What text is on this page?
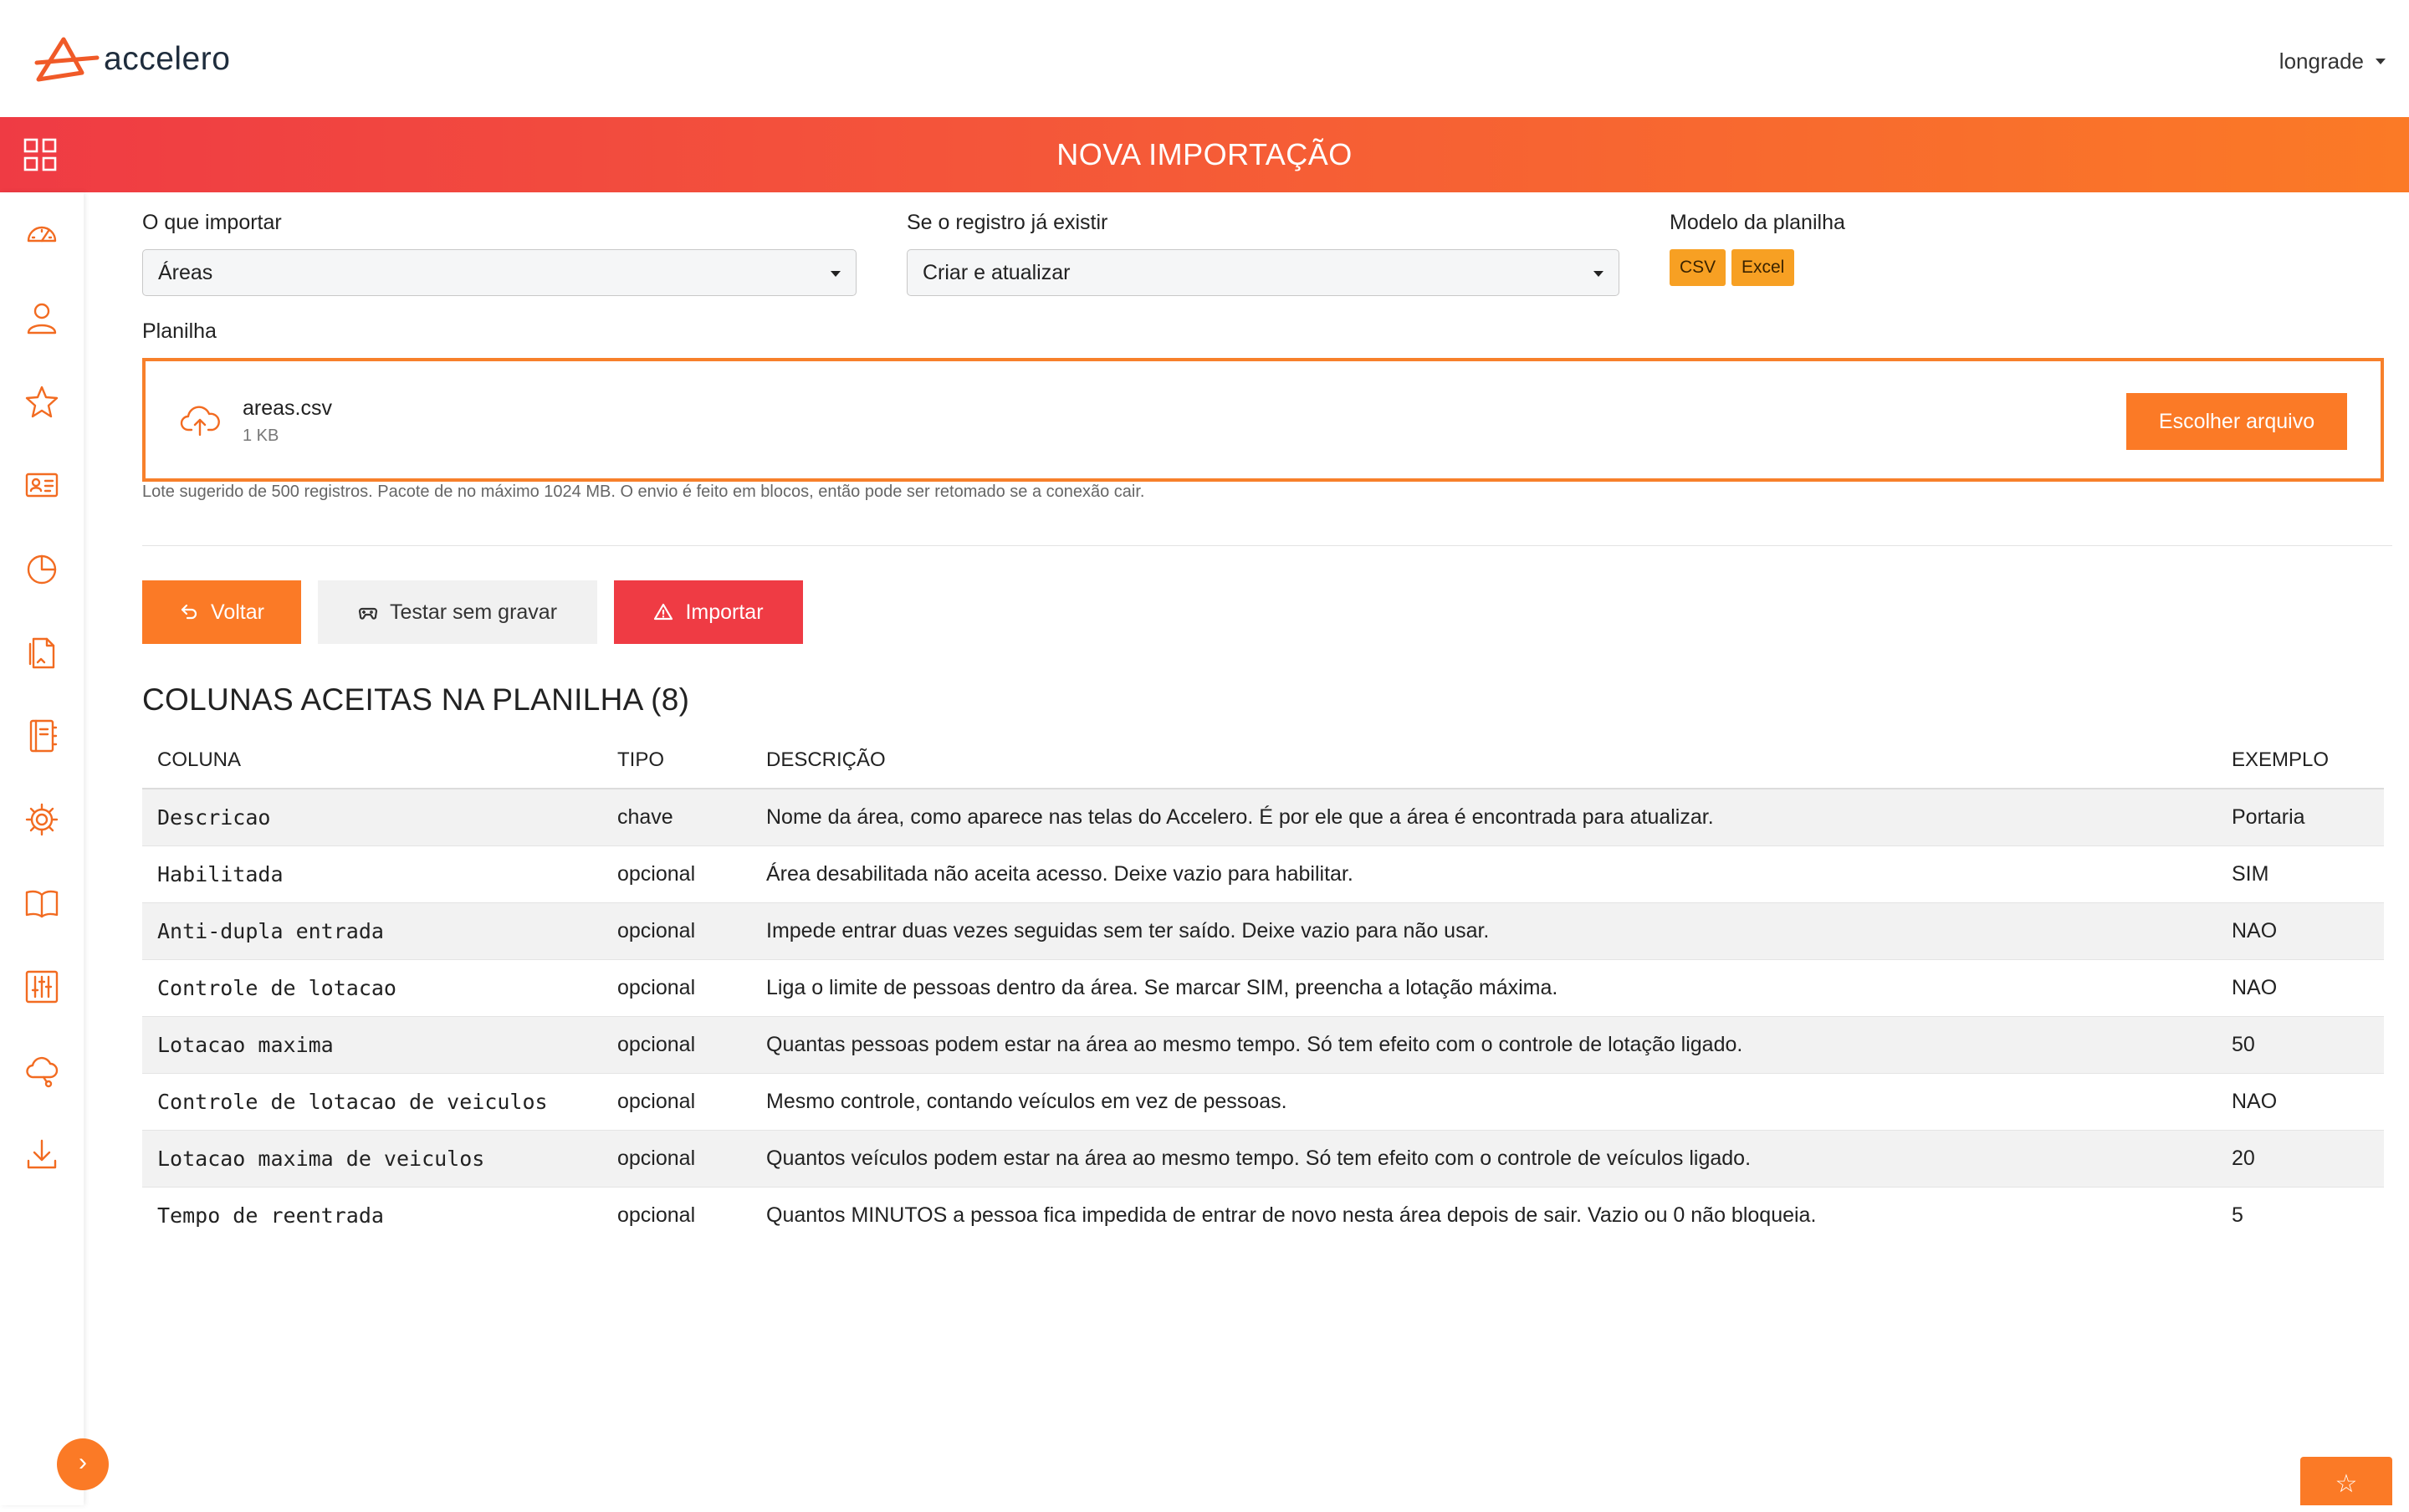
accelero	longrade
NOVA IMPORTAÇÃO
›
O que importar
Áreas
Se o registro já existir
Criar e atualizar
Modelo da planilha
CSV	Excel
Planilha
areas.csv
1 KB
Escolher arquivo
Lote sugerido de 500 registros. Pacote de no máximo 1024 MB. O envio é feito em blocos, então pode ser retomado se a conexão cair.
Voltar	Testar sem gravar	Importar
COLUNAS ACEITAS NA PLANILHA (8)
COLUNA	TIPO	DESCRIÇÃO	EXEMPLO
Descricao	chave	Nome da área, como aparece nas telas do Accelero. É por ele que a área é encontrada para atualizar.	Portaria
Habilitada	opcional	Área desabilitada não aceita acesso. Deixe vazio para habilitar.	SIM
Anti-dupla entrada	opcional	Impede entrar duas vezes seguidas sem ter saído. Deixe vazio para não usar.	NAO
Controle de lotacao	opcional	Liga o limite de pessoas dentro da área. Se marcar SIM, preencha a lotação máxima.	NAO
Lotacao maxima	opcional	Quantas pessoas podem estar na área ao mesmo tempo. Só tem efeito com o controle de lotação ligado.	50
Controle de lotacao de veiculos	opcional	Mesmo controle, contando veículos em vez de pessoas.	NAO
Lotacao maxima de veiculos	opcional	Quantos veículos podem estar na área ao mesmo tempo. Só tem efeito com o controle de veículos ligado.	20
Tempo de reentrada	opcional	Quantos MINUTOS a pessoa fica impedida de entrar de novo nesta área depois de sair. Vazio ou 0 não bloqueia.	5
☆
